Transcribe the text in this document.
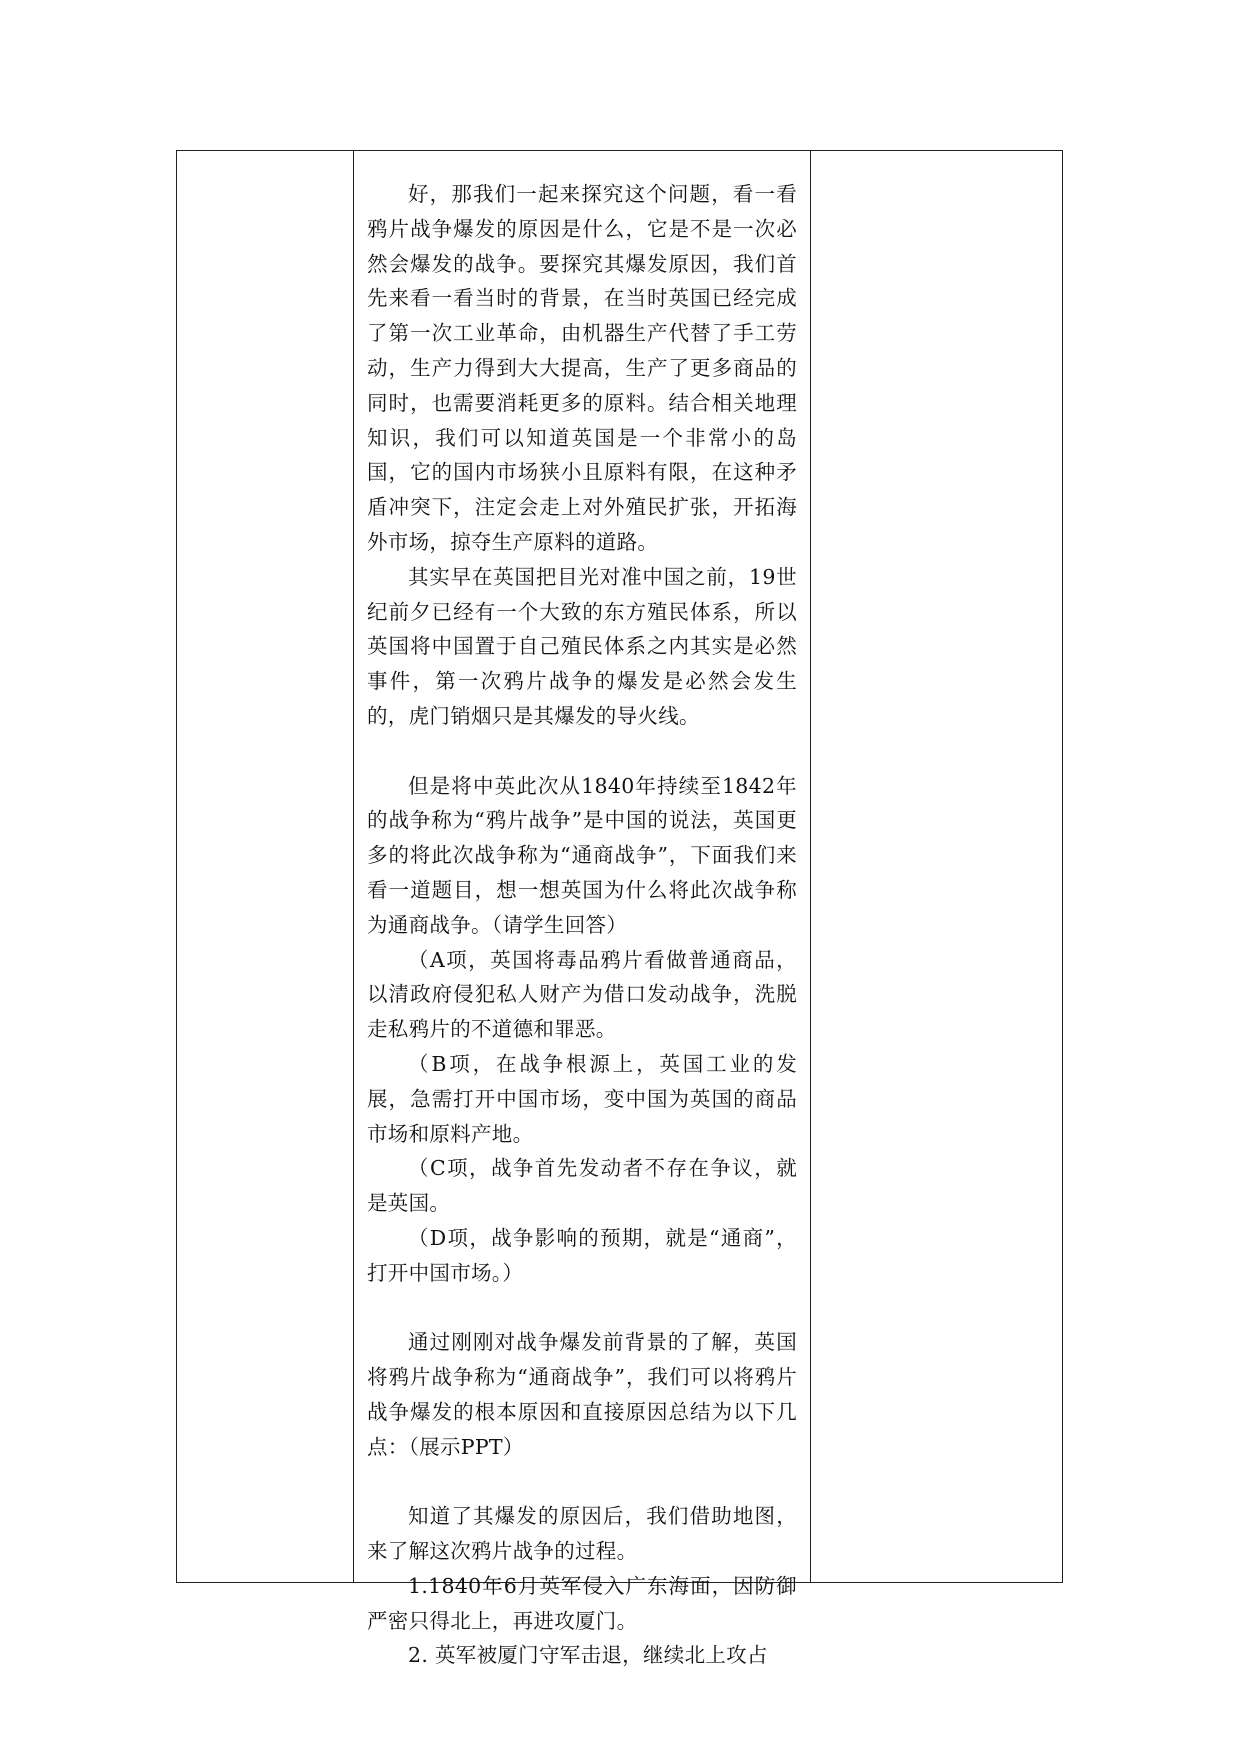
好，那我们一起来探究这个问题，看一看鸦片战争爆发的原因是什么，它是不是一次必然会爆发的战争。要探究其爆发原因，我们首先来看一看当时的背景，在当时英国已经完成了第一次工业革命，由机器生产代替了手工劳动，生产力得到大大提高，生产了更多商品的同时，也需要消耗更多的原料。结合相关地理知识，我们可以知道英国是一个非常小的岛国，它的国内市场狭小且原料有限，在这种矛盾冲突下，注定会走上对外殖民扩张，开拓海外市场，掠夺生产原料的道路。

其实早在英国把目光对准中国之前，19世纪前夕已经有一个大致的东方殖民体系，所以英国将中国置于自己殖民体系之内其实是必然事件，第一次鸦片战争的爆发是必然会发生的，虎门销烟只是其爆发的导火线。

但是将中英此次从1840年持续至1842年的战争称为“鸦片战争”是中国的说法，英国更多的将此次战争称为“通商战争”，下面我们来看一道题目，想一想英国为什么将此次战争称为通商战争。（请学生回答）

（A项，英国将毒品鸦片看做普通商品，以清政府侵犯私人财产为借口发动战争，洗脱走私鸦片的不道德和罪恶。

（B项，在战争根源上，英国工业的发展，急需打开中国市场，变中国为英国的商品市场和原料产地。

（C项，战争首先发动者不存在争议，就是英国。

（D项，战争影响的预期，就是“通商”，打开中国市场。）

通过刚刚对战争爆发前背景的了解，英国将鸦片战争称为“通商战争”，我们可以将鸦片战争爆发的根本原因和直接原因总结为以下几点：（展示PPT）

知道了其爆发的原因后，我们借助地图，来了解这次鸦片战争的过程。

1.1840年6月英军侵入广东海面，因防御严密只得北上，再进攻厦门。

2. 英军被厦门守军击退，继续北上攻占
